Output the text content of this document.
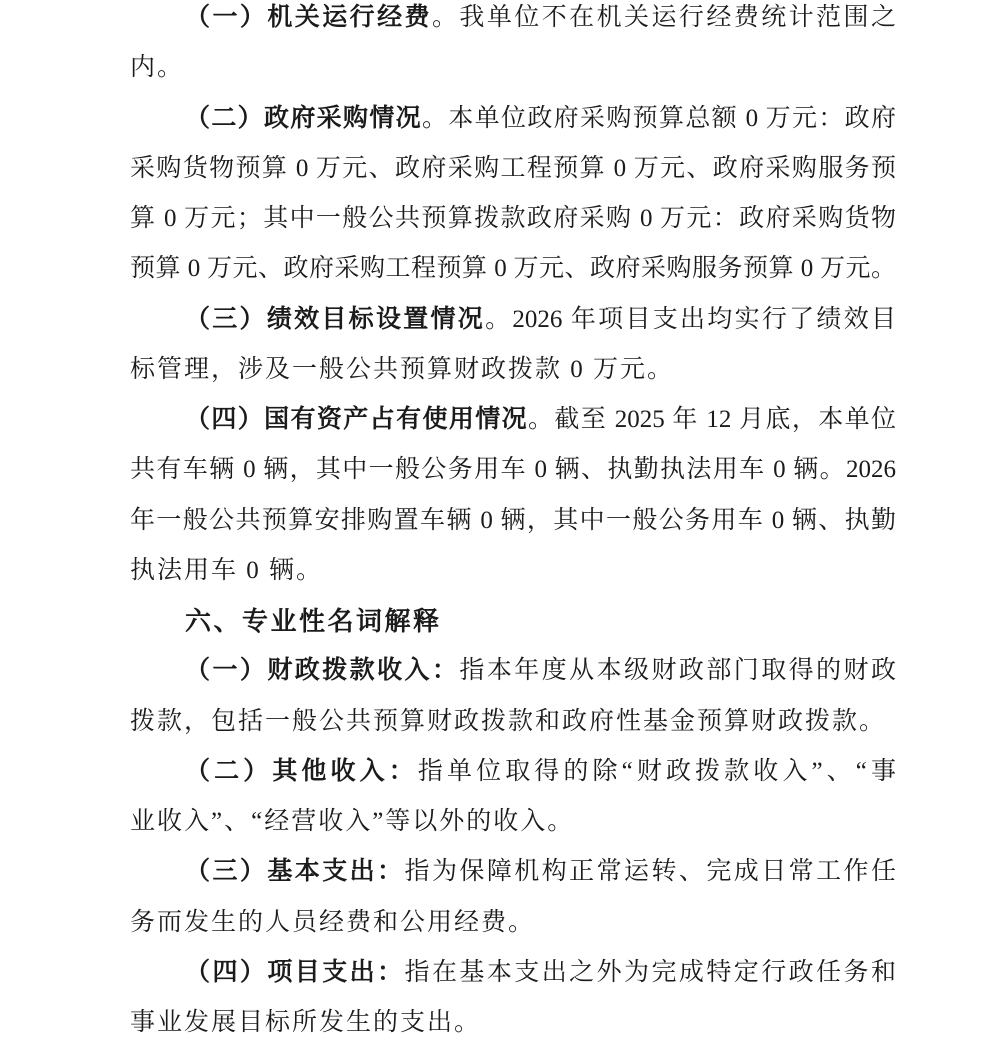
（一）机关运行经费。我单位不在机关运行经费统计范围之
内。
（二）政府采购情况。本单位政府采购预算总额 0 万元：政府
采购货物预算 0 万元、政府采购工程预算 0 万元、政府采购服务预
算 0 万元；其中一般公共预算拨款政府采购 0 万元：政府采购货物
预算 0 万元、政府采购工程预算 0 万元、政府采购服务预算 0 万元。
（三）绩效目标设置情况。2026 年项目支出均实行了绩效目
标管理，涉及一般公共预算财政拨款 0 万元。
（四）国有资产占有使用情况。截至 2025 年 12 月底，本单位
共有车辆 0 辆，其中一般公务用车 0 辆、执勤执法用车 0 辆。2026
年一般公共预算安排购置车辆 0 辆，其中一般公务用车 0 辆、执勤
执法用车 0 辆。
六、专业性名词解释
（一）财政拨款收入：指本年度从本级财政部门取得的财政
拨款，包括一般公共预算财政拨款和政府性基金预算财政拨款。
（二）其他收入：指单位取得的除“财政拨款收入”、“事
业收入”、“经营收入”等以外的收入。
（三）基本支出：指为保障机构正常运转、完成日常工作任
务而发生的人员经费和公用经费。
（四）项目支出：指在基本支出之外为完成特定行政任务和
事业发展目标所发生的支出。
